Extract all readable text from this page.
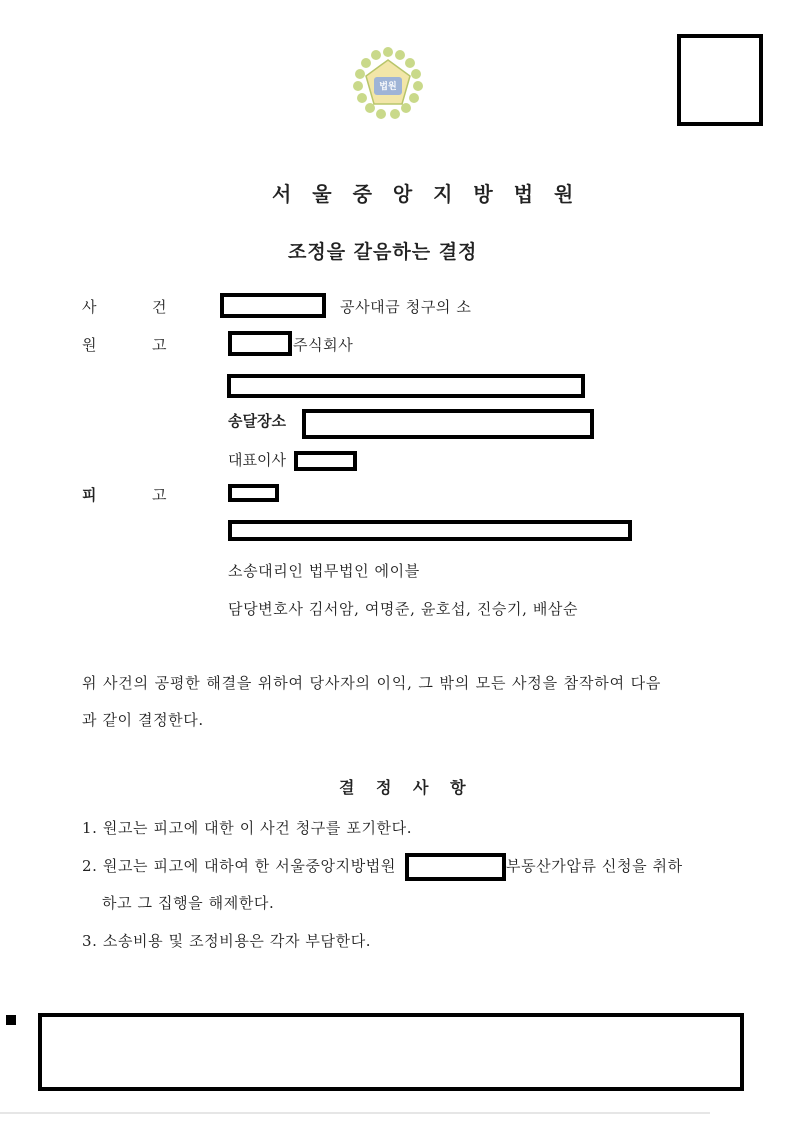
법원
서 울 중 앙 지 방 법 원
조정을 갈음하는 결정
사	건	공사대금 청구의 소
원	고	주식회사
송달장소
대표이사
피	고
소송대리인 법무법인 에이블
담당변호사 김서암, 여명준, 윤호섭, 진승기, 배삼순
위 사건의 공평한 해결을 위하여 당사자의 이익, 그 밖의 모든 사정을 참작하여 다음
과 같이 결정한다.
결 정 사 항
1. 원고는 피고에 대한 이 사건 청구를 포기한다.
2. 원고는 피고에 대하여 한 서울중앙지방법원	부동산가압류 신청을 취하
하고 그 집행을 해제한다.
3. 소송비용 및 조정비용은 각자 부담한다.
